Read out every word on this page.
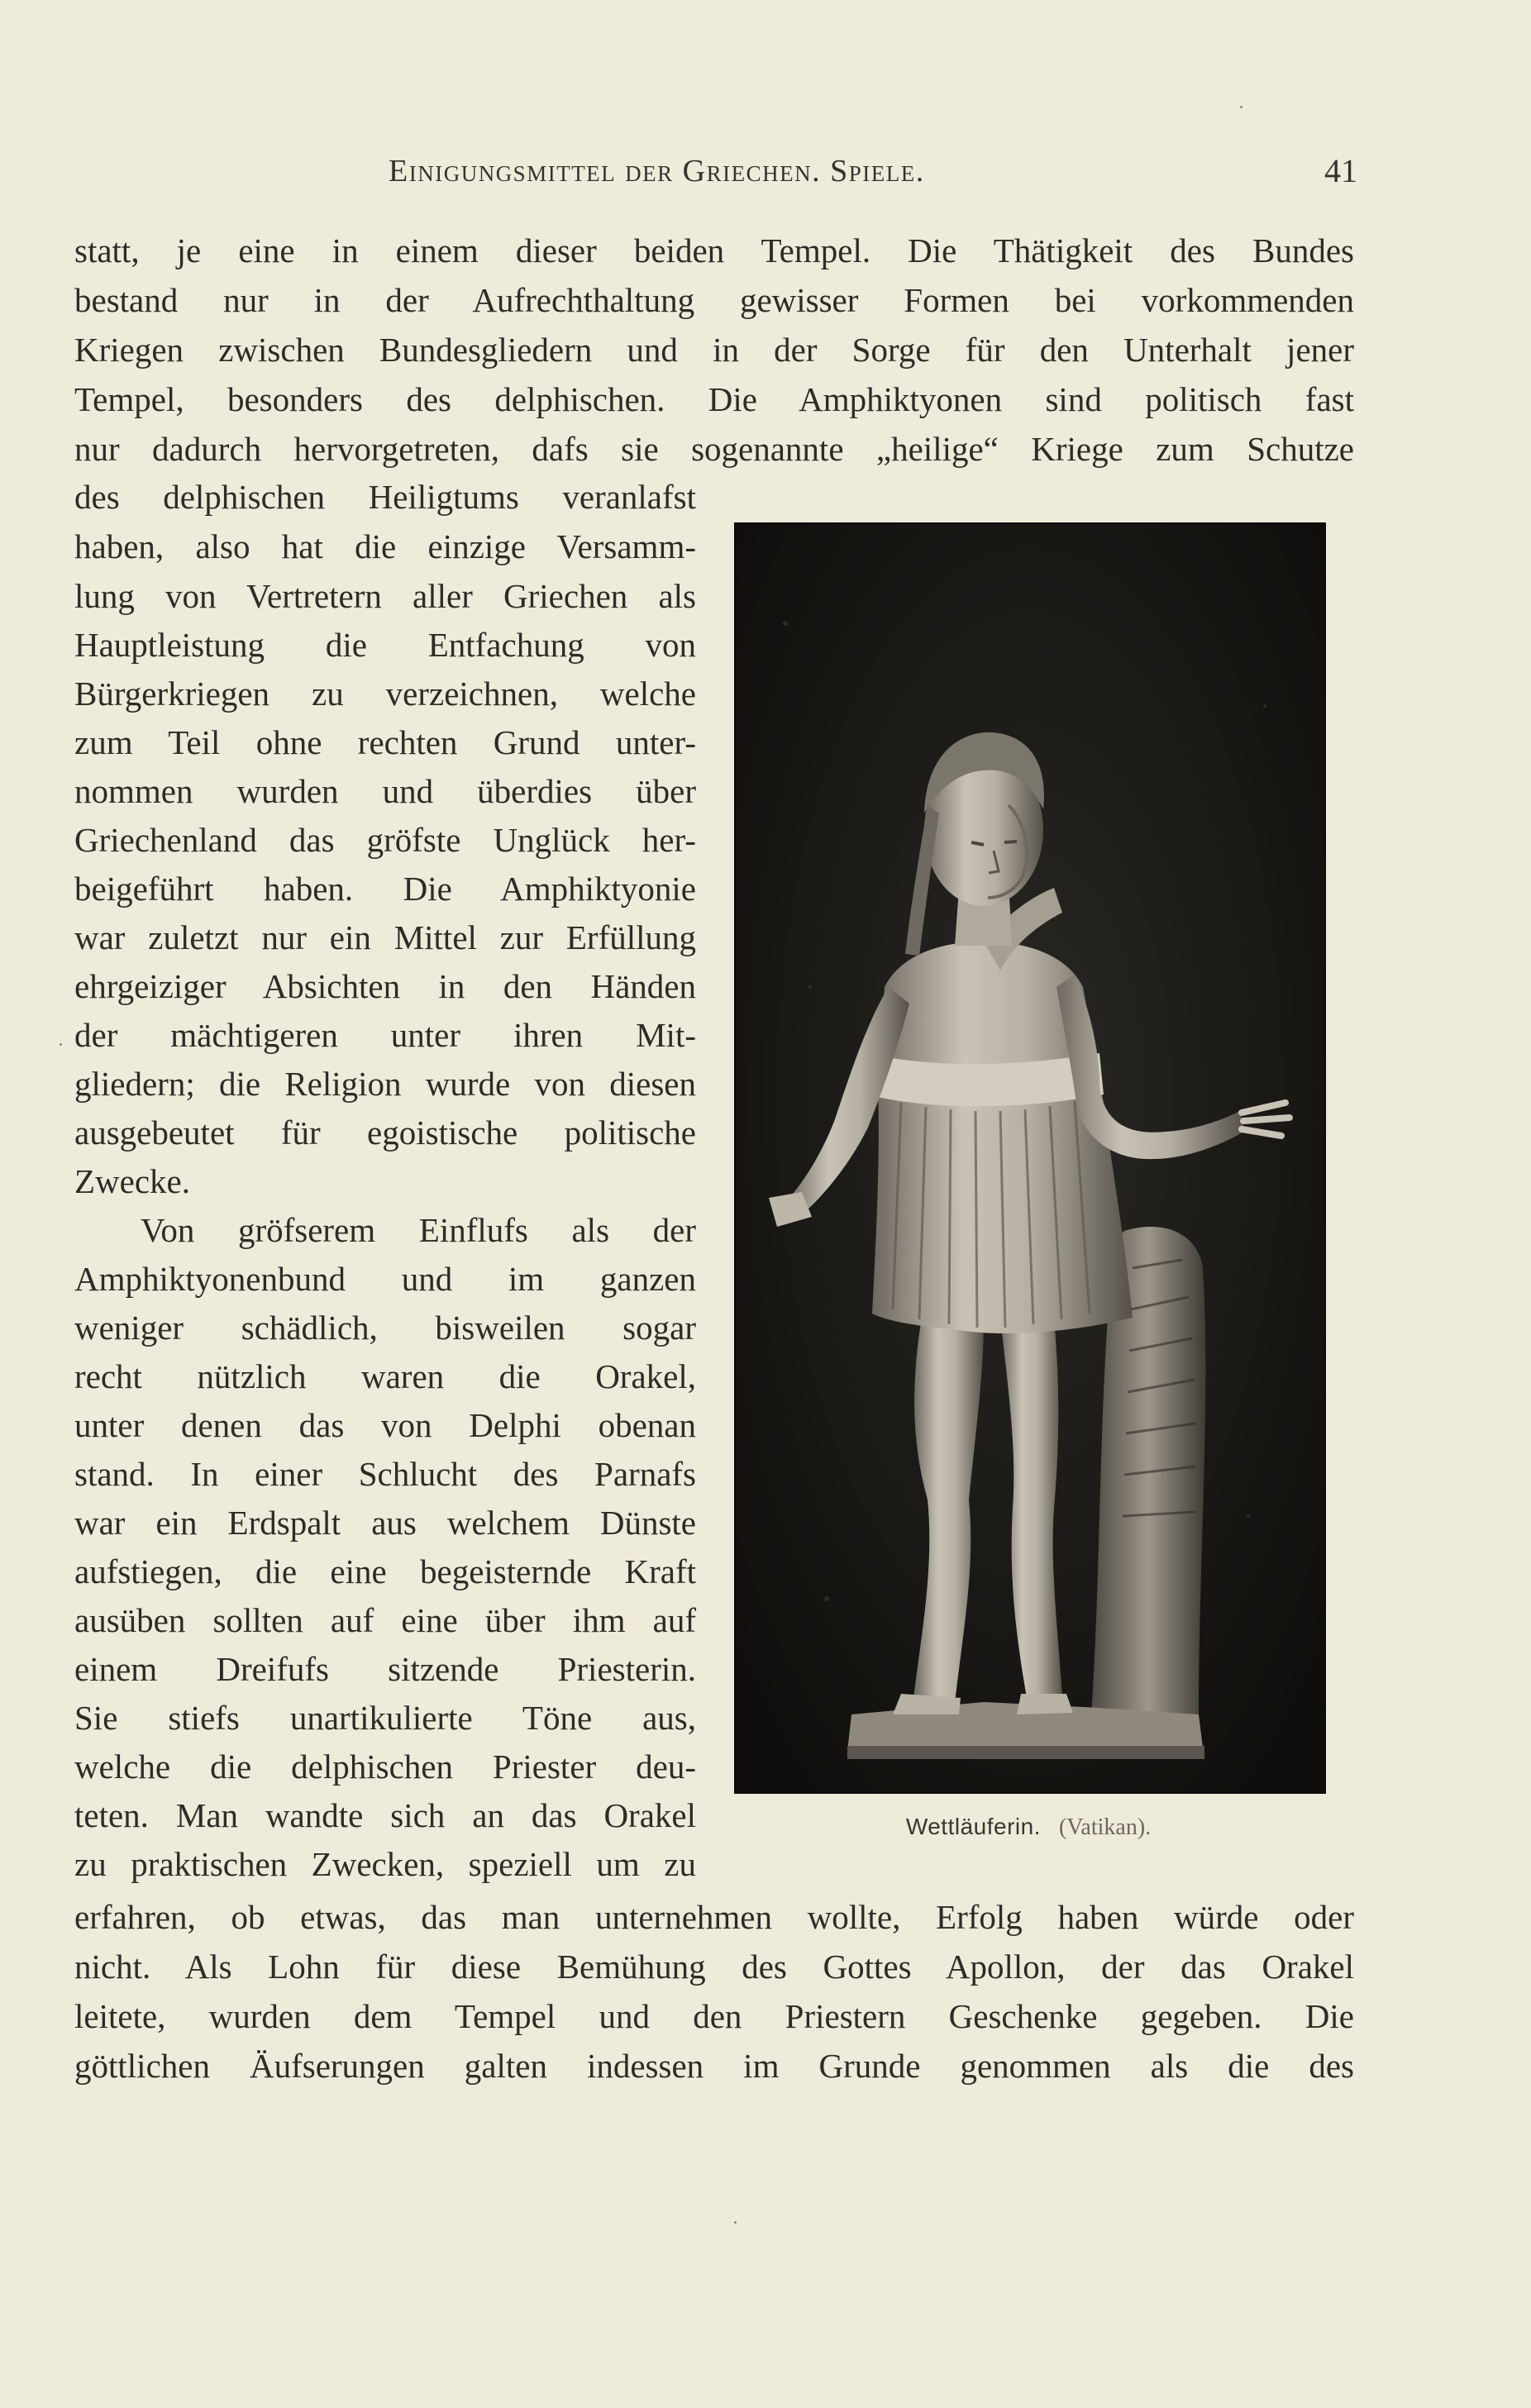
Einigungsmittel der Griechen. Spiele.	41
statt, je eine in einem dieser beiden Tempel. Die Thätigkeit des Bundes
bestand nur in der Aufrechthaltung gewisser Formen bei vorkommenden
Kriegen zwischen Bundesgliedern und in der Sorge für den Unterhalt jener
Tempel, besonders des delphischen. Die Amphiktyonen sind politisch fast
nur dadurch hervorgetreten, dafs sie sogenannte „heilige“ Kriege zum Schutze
des delphischen Heiligtums veranlafst
haben, also hat die einzige Versamm-
lung von Vertretern aller Griechen als
Hauptleistung die Entfachung von
Bürgerkriegen zu verzeichnen, welche
zum Teil ohne rechten Grund unter-
nommen wurden und überdies über
Griechenland das gröfste Unglück her-
beigeführt haben. Die Amphiktyonie
war zuletzt nur ein Mittel zur Erfüllung
ehrgeiziger Absichten in den Händen
der mächtigeren unter ihren Mit-
gliedern; die Religion wurde von diesen
ausgebeutet für egoistische politische
Zwecke.
Von gröfserem Einflufs als der
Amphiktyonenbund und im ganzen
weniger schädlich, bisweilen sogar
recht nützlich waren die Orakel,
unter denen das von Delphi obenan
stand. In einer Schlucht des Parnafs
war ein Erdspalt aus welchem Dünste
aufstiegen, die eine begeisternde Kraft
ausüben sollten auf eine über ihm auf
einem Dreifufs sitzende Priesterin.
Sie stiefs unartikulierte Töne aus,
welche die delphischen Priester deu-
teten. Man wandte sich an das Orakel
zu praktischen Zwecken, speziell um zu
erfahren, ob etwas, das man unternehmen wollte, Erfolg haben würde oder
nicht. Als Lohn für diese Bemühung des Gottes Apollon, der das Orakel
leitete, wurden dem Tempel und den Priestern Geschenke gegeben. Die
göttlichen Äufserungen galten indessen im Grunde genommen als die des
Wettläuferin. (Vatikan).
